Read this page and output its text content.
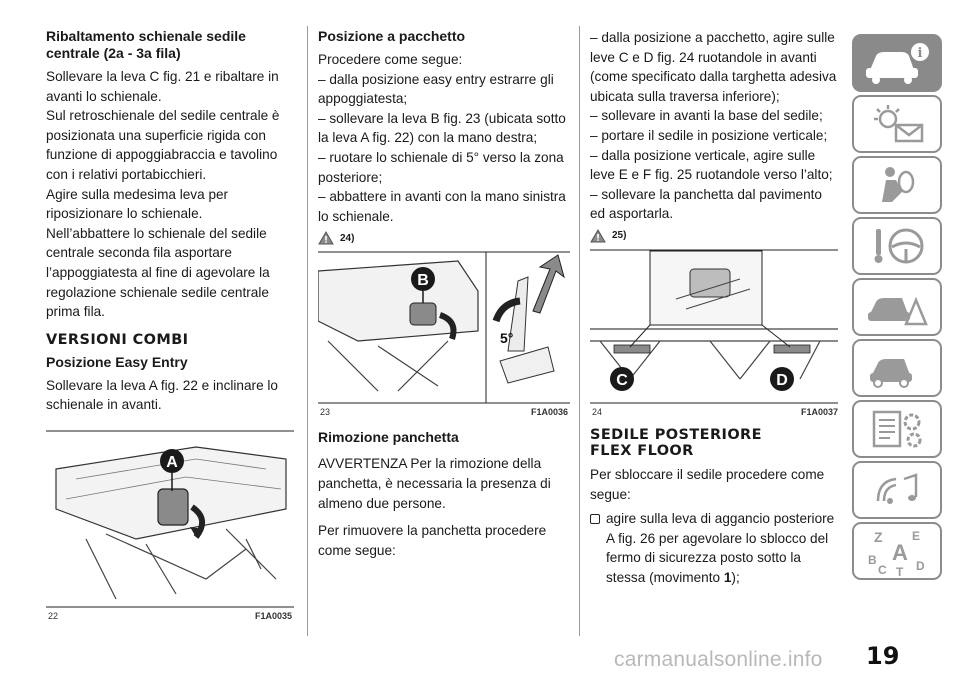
Ribaltamento schienale sedile centrale (2a - 3a fila)

Sollevare la leva C fig. 21 e ribaltare in avanti lo schienale.
Sul retroschienale del sedile centrale è posizionata una superficie rigida con funzione di appoggiabraccia e tavolino con i relativi portabicchieri.
Agire sulla medesima leva per riposizionare lo schienale.
Nell’abbattere lo schienale del sedile centrale seconda fila asportare l’appoggiatesta al fine di agevolare la regolazione schienale sedile centrale prima fila.

VERSIONI COMBI
Posizione Easy Entry

Sollevare la leva A fig. 22 e inclinare lo schienale in avanti.

A
22	F1A0035
Posizione a pacchetto

Procedere come segue:
– dalla posizione easy entry estrarre gli appoggiatesta;
– sollevare la leva B fig. 23 (ubicata sotto la leva A fig. 22) con la mano destra;
– ruotare lo schienale di 5° verso la zona posteriore;
– abbattere in avanti con la mano sinistra lo schienale.

24)
B
5°
23	F1A0036
Rimozione panchetta

AVVERTENZA Per la rimozione della panchetta, è necessaria la presenza di almeno due persone.

Per rimuovere la panchetta procedere come segue:

– dalla posizione a pacchetto, agire sulle leve C e D fig. 24 ruotandole in avanti (come specificato dalla targhetta adesiva ubicata sulla traversa inferiore);
– sollevare in avanti la base del sedile;
– portare il sedile in posizione verticale;
– dalla posizione verticale, agire sulle leve E e F fig. 25 ruotandole verso l’alto;
– sollevare la panchetta dal pavimento ed asportarla.

25)
C	D
24	F1A0037
SEDILE POSTERIORE FLEX FLOOR

Per sbloccare il sedile procedere come segue:

agire sulla leva di aggancio posteriore A fig. 26 per agevolare lo sblocco del fermo di sicurezza posto sotto la stessa (movimento 1);

i
Z E
A
B
C D
T
carmanualsonline.info 19
